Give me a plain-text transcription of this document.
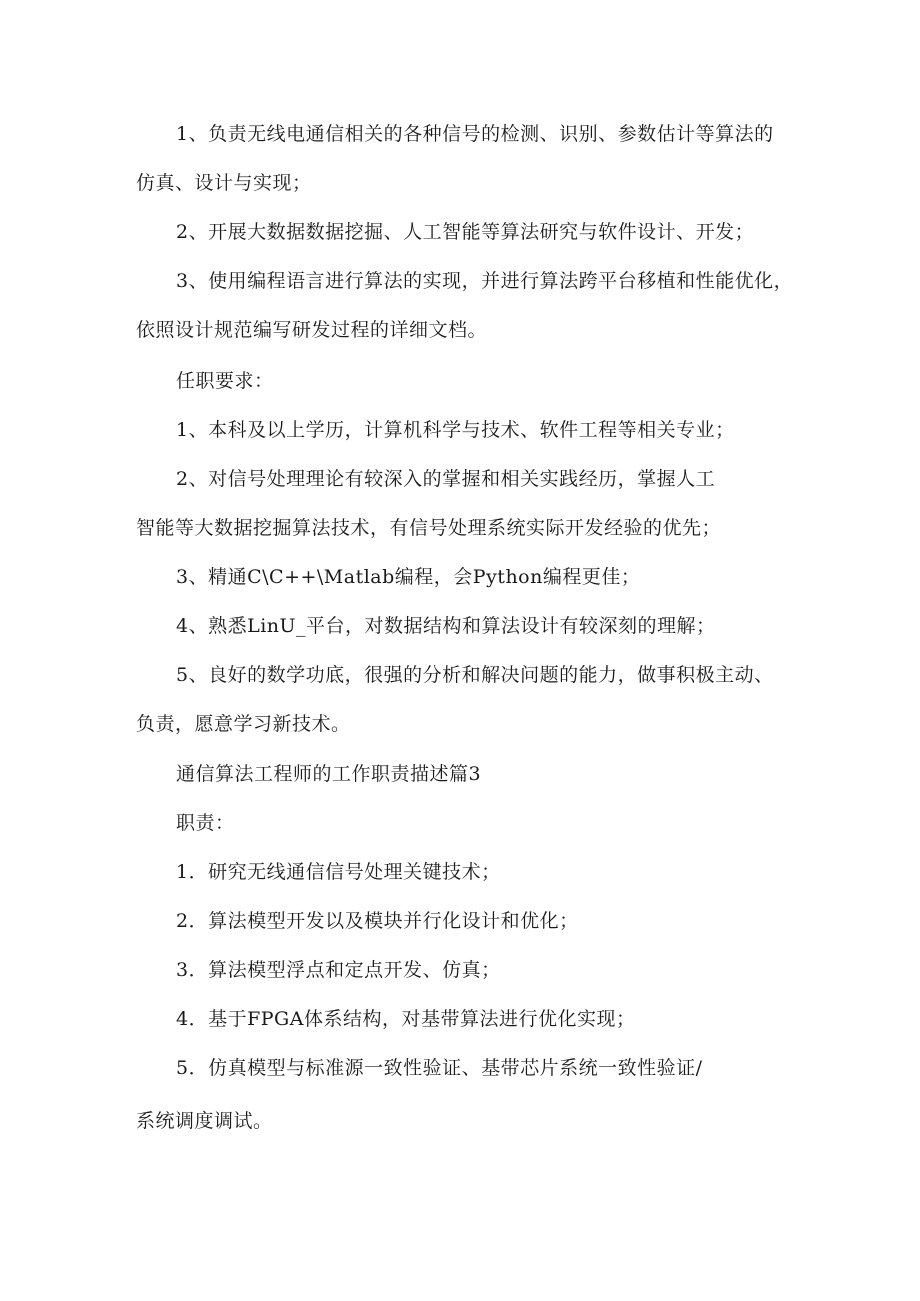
1、负责无线电通信相关的各种信号的检测、识别、参数估计等算法的
仿真、设计与实现；
2、开展大数据数据挖掘、人工智能等算法研究与软件设计、开发；
3、使用编程语言进行算法的实现，并进行算法跨平台移植和性能优化，
依照设计规范编写研发过程的详细文档。
任职要求：
1、本科及以上学历，计算机科学与技术、软件工程等相关专业；
2、对信号处理理论有较深入的掌握和相关实践经历，掌握人工
智能等大数据挖掘算法技术，有信号处理系统实际开发经验的优先；
3、精通C\C++\Matlab编程，会Python编程更佳；
4、熟悉LinU_平台，对数据结构和算法设计有较深刻的理解；
5、良好的数学功底，很强的分析和解决问题的能力，做事积极主动、
负责，愿意学习新技术。
通信算法工程师的工作职责描述篇3
职责：
1．研究无线通信信号处理关键技术；
2．算法模型开发以及模块并行化设计和优化；
3．算法模型浮点和定点开发、仿真；
4．基于FPGA体系结构，对基带算法进行优化实现；
5．仿真模型与标准源一致性验证、基带芯片系统一致性验证/
系统调度调试。
